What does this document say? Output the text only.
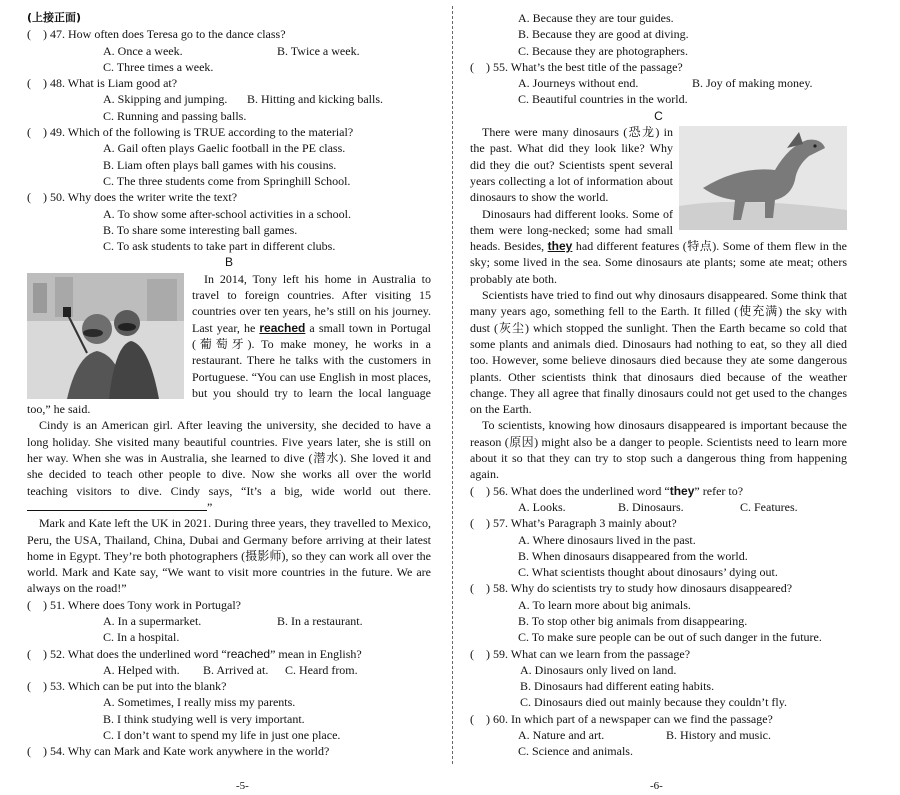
(上接正面)
(    ) 47. How often does Teresa go to the dance class?
A. Once a week.	B. Twice a week.
C. Three times a week.
(    ) 48. What is Liam good at?
A. Skipping and jumping. B. Hitting and kicking balls.
C. Running and passing balls.
(    ) 49. Which of the following is TRUE according to the material?
A. Gail often plays Gaelic football in the PE class.
B. Liam often plays ball games with his cousins.
C. The three students come from Springhill School.
(    ) 50. Why does the writer write the text?
A. To show some after-school activities in a school.
B. To share some interesting ball games.
C. To ask students to take part in different clubs.
B

In 2014, Tony left his home in Australia to travel to foreign countries. After visiting 15 countries over ten years, he’s still on his journey. Last year, he reached a small town in Portugal (葡萄牙). To make money, he works in a restaurant. There he talks with the customers in Portuguese. “You can use English in most places, but you should try to learn the local language too,” he said.

Cindy is an American girl. After leaving the university, she decided to have a long holiday. She visited many beautiful countries. Five years later, she is still on her way. When she was in Australia, she learned to dive (潜水). She loved it and she decided to teach other people to dive. Now she works all over the world teaching visitors to dive. Cindy says, “It’s a big, wide world out there. ”

Mark and Kate left the UK in 2021. During three years, they travelled to Mexico, Peru, the USA, Thailand, China, Dubai and Germany before arriving at their latest home in Egypt. They’re both photographers (摄影师), so they can work all over the world. Mark and Kate say, “We want to visit more countries in the future. We are always on the road!”

(    ) 51. Where does Tony work in Portugal?
A. In a supermarket.	B. In a restaurant.
C. In a hospital.
(    ) 52. What does the underlined word “reached” mean in English?
A. Helped with. B. Arrived at. C. Heard from.
(    ) 53. Which can be put into the blank?
A. Sometimes, I really miss my parents.
B. I think studying well is very important.
C. I don’t want to spend my life in just one place.
(    ) 54. Why can Mark and Kate work anywhere in the world?
A. Because they are tour guides.
B. Because they are good at diving.
C. Because they are photographers.
(    ) 55. What’s the best title of the passage?
A. Journeys without end.	B. Joy of making money.
C. Beautiful countries in the world.
C

There were many dinosaurs (恐龙) in the past. What did they look like? Why did they die out? Scientists spent several years collecting a lot of information about dinosaurs to show the world.

Dinosaurs had different looks. Some of them were long-necked; some had small heads. Besides, they had different features (特点). Some of them flew in the sky; some lived in the sea. Some dinosaurs ate plants; some ate meat; others probably ate both.

Scientists have tried to find out why dinosaurs disappeared. Some think that many years ago, something fell to the Earth. It filled (使充满) the sky with dust (灰尘) which stopped the sunlight. Then the Earth became so cold that some plants and animals died. Dinosaurs had nothing to eat, so they all died too. However, some believe dinosaurs died because they ate some dangerous plants. Other scientists think that dinosaurs died because of the weather change. They all agree that finally dinosaurs could not get used to the changes on the Earth.

To scientists, knowing how dinosaurs disappeared is important because the reason (原因) might also be a danger to people. Scientists need to learn more about it so that they can try to stop such a dangerous thing from happening again.

(    ) 56. What does the underlined word “they” refer to?
A. Looks.	B. Dinosaurs.	C. Features.
(    ) 57. What’s Paragraph 3 mainly about?
A. Where dinosaurs lived in the past.
B. When dinosaurs disappeared from the world.
C. What scientists thought about dinosaurs’ dying out.
(    ) 58. Why do scientists try to study how dinosaurs disappeared?
A. To learn more about big animals.
B. To stop other big animals from disappearing.
C. To make sure people can be out of such danger in the future.
(    ) 59. What can we learn from the passage?
A. Dinosaurs only lived on land.
B. Dinosaurs had different eating habits.
C. Dinosaurs died out mainly because they couldn’t fly.
(    ) 60. In which part of a newspaper can we find the passage?
A. Nature and art.	B. History and music.
C. Science and animals.
-5-	-6-
